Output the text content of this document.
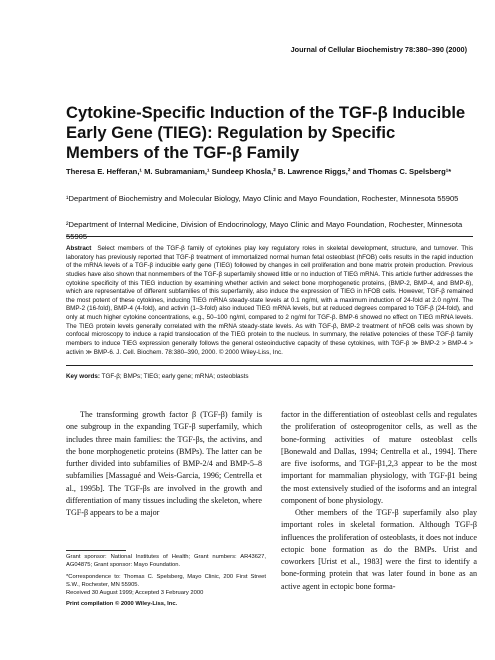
Journal of Cellular Biochemistry 78:380–390 (2000)
Cytokine-Specific Induction of the TGF-β Inducible Early Gene (TIEG): Regulation by Specific Members of the TGF-β Family
Theresa E. Hefferan,¹ M. Subramaniam,¹ Sundeep Khosla,² B. Lawrence Riggs,² and Thomas C. Spelsberg¹*
¹Department of Biochemistry and Molecular Biology, Mayo Clinic and Mayo Foundation, Rochester, Minnesota 55905
²Department of Internal Medicine, Division of Endocrinology, Mayo Clinic and Mayo Foundation, Rochester, Minnesota 55905

Abstract Select members of the TGF-β family of cytokines play key regulatory roles in skeletal development, structure, and turnover. This laboratory has previously reported that TGF-β treatment of immortalized normal human fetal osteoblast (hFOB) cells results in the rapid induction of the mRNA levels of a TGF-β inducible early gene (TIEG) followed by changes in cell proliferation and bone matrix protein production. Previous studies have also shown that nonmembers of the TGF-β superfamily showed little or no induction of TIEG mRNA. This article further addresses the cytokine specificity of this TIEG induction by examining whether activin and select bone morphogenetic proteins, (BMP-2, BMP-4, and BMP-6), which are representative of different subfamilies of this superfamily, also induce the expression of TIEG in hFOB cells. However, TGF-β remained the most potent of these cytokines, inducing TIEG mRNA steady-state levels at 0.1 ng/ml, with a maximum induction of 24-fold at 2.0 ng/ml. The BMP-2 (16-fold), BMP-4 (4-fold), and activin (1–3-fold) also induced TIEG mRNA levels, but at reduced degrees compared to TGF-β (24-fold), and only at much higher cytokine concentrations, e.g., 50–100 ng/ml, compared to 2 ng/ml for TGF-β. BMP-6 showed no effect on TIEG mRNA levels. The TIEG protein levels generally correlated with the mRNA steady-state levels. As with TGF-β, BMP-2 treatment of hFOB cells was shown by confocal microscopy to induce a rapid translocation of the TIEG protein to the nucleus. In summary, the relative potencies of these TGF-β family members to induce TIEG expression generally follows the general osteoinductive capacity of these cytokines, with TGF-β ≫ BMP-2 > BMP-4 > activin ≫ BMP-6. J. Cell. Biochem. 78:380–390, 2000. © 2000 Wiley-Liss, Inc.

Key words: TGF-β; BMPs; TIEG; early gene; mRNA; osteoblasts

The transforming growth factor β (TGF-β) family is one subgroup in the expanding TGF-β superfamily, which includes three main families: the TGF-βs, the activins, and the bone morphogenetic proteins (BMPs). The latter can be further divided into subfamilies of BMP-2/4 and BMP-5–8 subfamilies [Massagué and Weis-Garcia, 1996; Centrella et al., 1995b]. The TGF-βs are involved in the growth and differentiation of many tissues including the skeleton, where TGF-β appears to be a major

factor in the differentiation of osteoblast cells and regulates the proliferation of osteoprogenitor cells, as well as the bone-forming activities of mature osteoblast cells [Bonewald and Dallas, 1994; Centrella et al., 1994]. There are five isoforms, and TGF-β1,2,3 appear to be the most important for mammalian physiology, with TGF-β1 being the most extensively studied of the isoforms and an integral component of bone physiology.
Other members of the TGF-β superfamily also play important roles in skeletal formation. Although TGF-β influences the proliferation of osteoblasts, it does not induce ectopic bone formation as do the BMPs. Urist and coworkers [Urist et al., 1983] were the first to identify a bone-forming protein that was later found in bone as an active agent in ectopic bone forma-
Grant sponsor: National Institutes of Health; Grant numbers: AR43627, AG04875; Grant sponsor: Mayo Foundation.
*Correspondence to: Thomas C. Spelsberg, Mayo Clinic, 200 First Street S.W., Rochester, MN 55905.
Received 30 August 1999; Accepted 3 February 2000
Print compilation © 2000 Wiley-Liss, Inc.
